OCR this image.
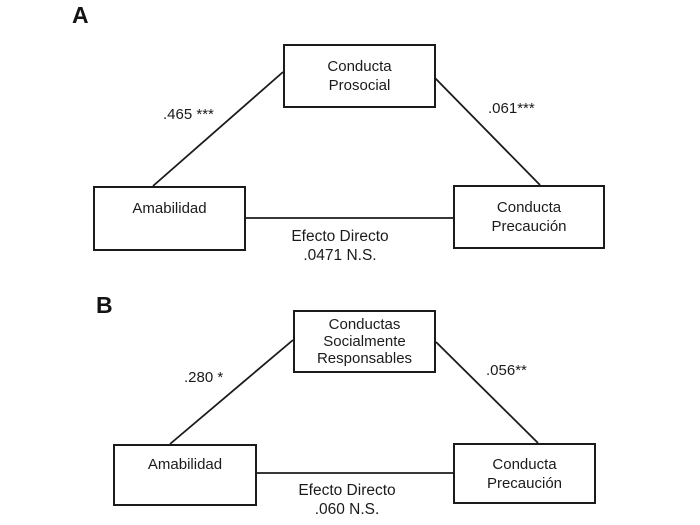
A
Conducta
Prosocial
Amabilidad	Conducta
Precaución
.465 ***	.061***
Efecto Directo
.0471 N.S.
B
Conductas
Socialmente
Responsables
Amabilidad	Conducta
Precaución
.280 *	.056**
Efecto Directo
.060 N.S.
